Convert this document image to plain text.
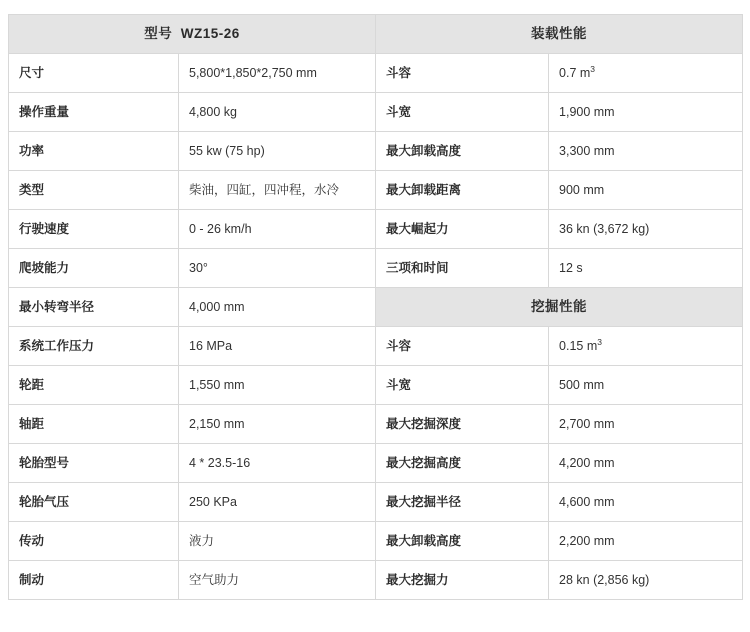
型号 WZ15-26		装载性能	
尺寸	5,800*1,850*2,750 mm	斗容	0.7 $m^3$
操作重量	4,800 kg	斗宽	1,900 mm
功率	55 kw (75 hp)	最大卸载高度	3,300 mm
类型	柴油，四缸，四冲程，水冷	最大卸载距离	900 mm
行驶速度	0 - 26 km/h	最大崛起力	36 kn (3,672 kg)
爬坡能力	30°	三项和时间	12 s
最小转弯半径	4,000 mm	挖掘性能	
系统工作压力	16 MPa	斗容	0.15 $m^3$
轮距	1,550 mm	斗宽	500 mm
轴距	2,150 mm	最大挖掘深度	2,700 mm
轮胎型号	4 * 23.5-16	最大挖掘高度	4,200 mm
轮胎气压	250 KPa	最大挖掘半径	4,600 mm
传动	液力	最大卸载高度	2,200 mm
制动	空气助力	最大挖掘力	28 kn (2,856 kg)
